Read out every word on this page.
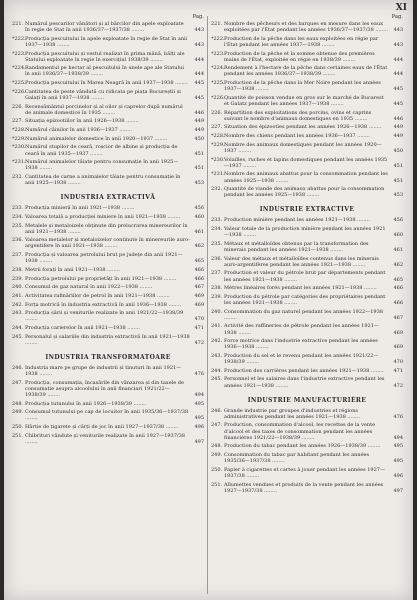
XI
Pag.
221. Numărul pescarilor vânători și al bărcilor din apele exploatate în regie de Stat în anii 1936/37—1937/38 ........	443
*222. Producția pescuitului în apele exploatate în regie de Stat în anii 1937—1938 ........	443
*223. Producția pescuitului și vestul realizat în prima mână, bălți ale Statului exploatate în regie în exercițiul 1938/39 ........	444
*224. Randamentul pe hectar al pescuitului în unele ape ale Statului în anii 1936/37—1938/39 ........	444
*225. Producția pescuitului în Marea Neagră în anii 1937—1938 ........	445
*226. Cantitatea de peste vândută cu ridicata pe piața Bucureștii și Galați în anii 1937—1938 ........	445
226. Recensământul porcinelor și al oilor și caprelor după numărul de animale domestice în 1935 ........	446
227. Situația epizootiilor în anii 1926—1938 ........	449
*228. Numărul câinilor în anii 1936—1937 ........	449
*229. Numărul animalelor domestice în anii 1920—1937 ........	450
*230. Numărul stupilor de ceară, roșcior de albine și producția de ceară în anii 1935—1937 ........	451
*231. Numărul animalelor tăiate pentru consumație în anii 1925—1938 ........	451
232. Cantitatea de carne a animalelor tăiate pentru consumație în anii 1925—1938 ........	453
INDUSTRIA EXTRACTIVĂ
233. Producția minieră în anii 1921—1938 ........	456
234. Valoarea totală a producției miniere în anii 1921—1938 ........	460
235. Metalele și metaloizele obținute din prelucrarea minereurilor în anii 1921—1938 ........	461
236. Valoarea metalelor și metaloizelor continute în minereurile auro-argentifere în anii 1921—1938 ........	462
237. Producția și valoarea petrolului brut pe județe din anii 1921—1938 ........	465
238. Metrii forați în anii 1921—1938 ........	466
239. Producția petrolului pe proprietăți în anii 1921—1938 ........	466
240. Consumul de gaz natural în anii 1922—1938 ........	467
241. Activitatea rafinăriilor de petrol în anii 1921—1938 ........	469
242. Forța motrică în industria extractivă în anii 1936—1938 ........	469
243. Producția sării și veniturile realizate în anii 1921/22—1938/39 ........	470
244. Producția carierelor în anii 1921—1938 ........	471
245. Personalul și salariile din industria extractivă în anii 1921—1938 ........	472
INDUSTRIA TRANSFORMATOARE
246. Industria mare pe grupe de industrii și tinuturi în anii 1921—1938 ........	476
247. Producția, consumația, încasările din vânzarea și din taxele de consumație asupra alcoolului în anii financiari 1921/22—1938/39 ........	494
248. Producția tutunului în anii 1926—1938/39 ........	495
249. Consumul tutunului pe cap de locuitor în anii 1935/36—1937/38 ........	495
250. Hârtie de țigarete și cărți de joc în anii 1927—1937/38 ........	496
251. Chibrituri vândute și veniturile realizate în anii 1927—1937/38 ........	497
Pag.
221. Nombre des pêcheurs et des barques en mesure dans les eaux exploitées par l'État pendant les années 1936/37—1937/38 ........ 443
*222. Production de la pêche dans les eaux exploitées en régie par l'État pendant les années 1937—1938 ........	443
*223. Production de la pêche et la somme obtenue des premières mains de l'État, exploitée en régie en 1938/39 ........	444
*224. Rendement à l'hectare de la pêche dans certaines eaux de l'État pendant les années 1936/37—1938/39 ........	444
*225. Production de la pêche dans la Mer Noire pendant les années 1937—1938 ........	445
*226. Quantité de poisson vendue en gros sur le marché de Bucarest et Galatz pendant les années 1937—1938 ........	445
226. Répartition des exploitations des porcins, ovins et caprins suivant le nombre d'animaux domestiques en 1935 ........	446
227. Situation des épizooties pendant les années 1926—1938 ........	449
*228. Nombre des chiens pendant les années 1936—1937 ........	449
*229. Nombre des animaux domestiques pendant les années 1920—1937 ........	450
*230. Volailles, ruches et lapins domestiques pendant les années 1935—1937 ........	451
*231. Nombre des animaux abattus pour la consommation pendant les années 1925—1938 ........	451
232. Quantité de viande des animaux abattus pour la consommation pendant les années 1925—1938 ........	453
INDUSTRIE EXTRACTIVE
233. Production minière pendant les années 1921—1938 ........	456
234. Valeur totale de la production minière pendant les années 1921—1938 ........	460
235. Métaux et métalloïdes obtenus par la transformation des minerais pendant les années 1921—1938 ........	461
236. Valeur des métaux et métalloïdes contenus dans les minerais auro-argentifères pendant les années 1921—1938 ........	462
237. Production et valeur du pétrole brut par départements pendant les années 1921—1938 ........	465
238. Mètres linéaires forés pendant les années 1921—1938 ........	466
239. Production du pétrole par catégories des propriétaires pendant les années 1921—1938 ........	466
240. Consommation du gaz naturel pendant les années 1922—1938 ........	467
241. Activité des raffineries de pétrole pendant les années 1921—1938 ........	469
242. Force motrice dans l'industrie extractive pendant les années 1936—1938 ........	469
243. Production du sel et le revenu pendant les années 1921/22—1938/39 ........	470
244. Production des carrières pendant les années 1921—1938 ........	471
245. Personnel et les salaires dans l'industrie extractive pendant les années 1921—1938 ........	472
INDUSTRIE MANUFACTURIÈRE
246. Grande industrie par groupes d'industries et régions administratives pendant les années 1921—1938 ........	476
247. Production, consommation d'alcool, les recettes de la vente d'alcool et des taxes de consommation pendant les années financières 1921/22—1938/39 ........	494
248. Production du tabac pendant les années 1926—1938/39 ........	495
249. Consommation du tabac par habitant pendant les années 1935/36—1937/38 ........	495
250. Papier à cigarettes et cartes à jouer pendant les années 1927—1937/38 ........	496
251. Allumettes vendues et produits de la vente pendant les années 1927—1937/38 ........	497
